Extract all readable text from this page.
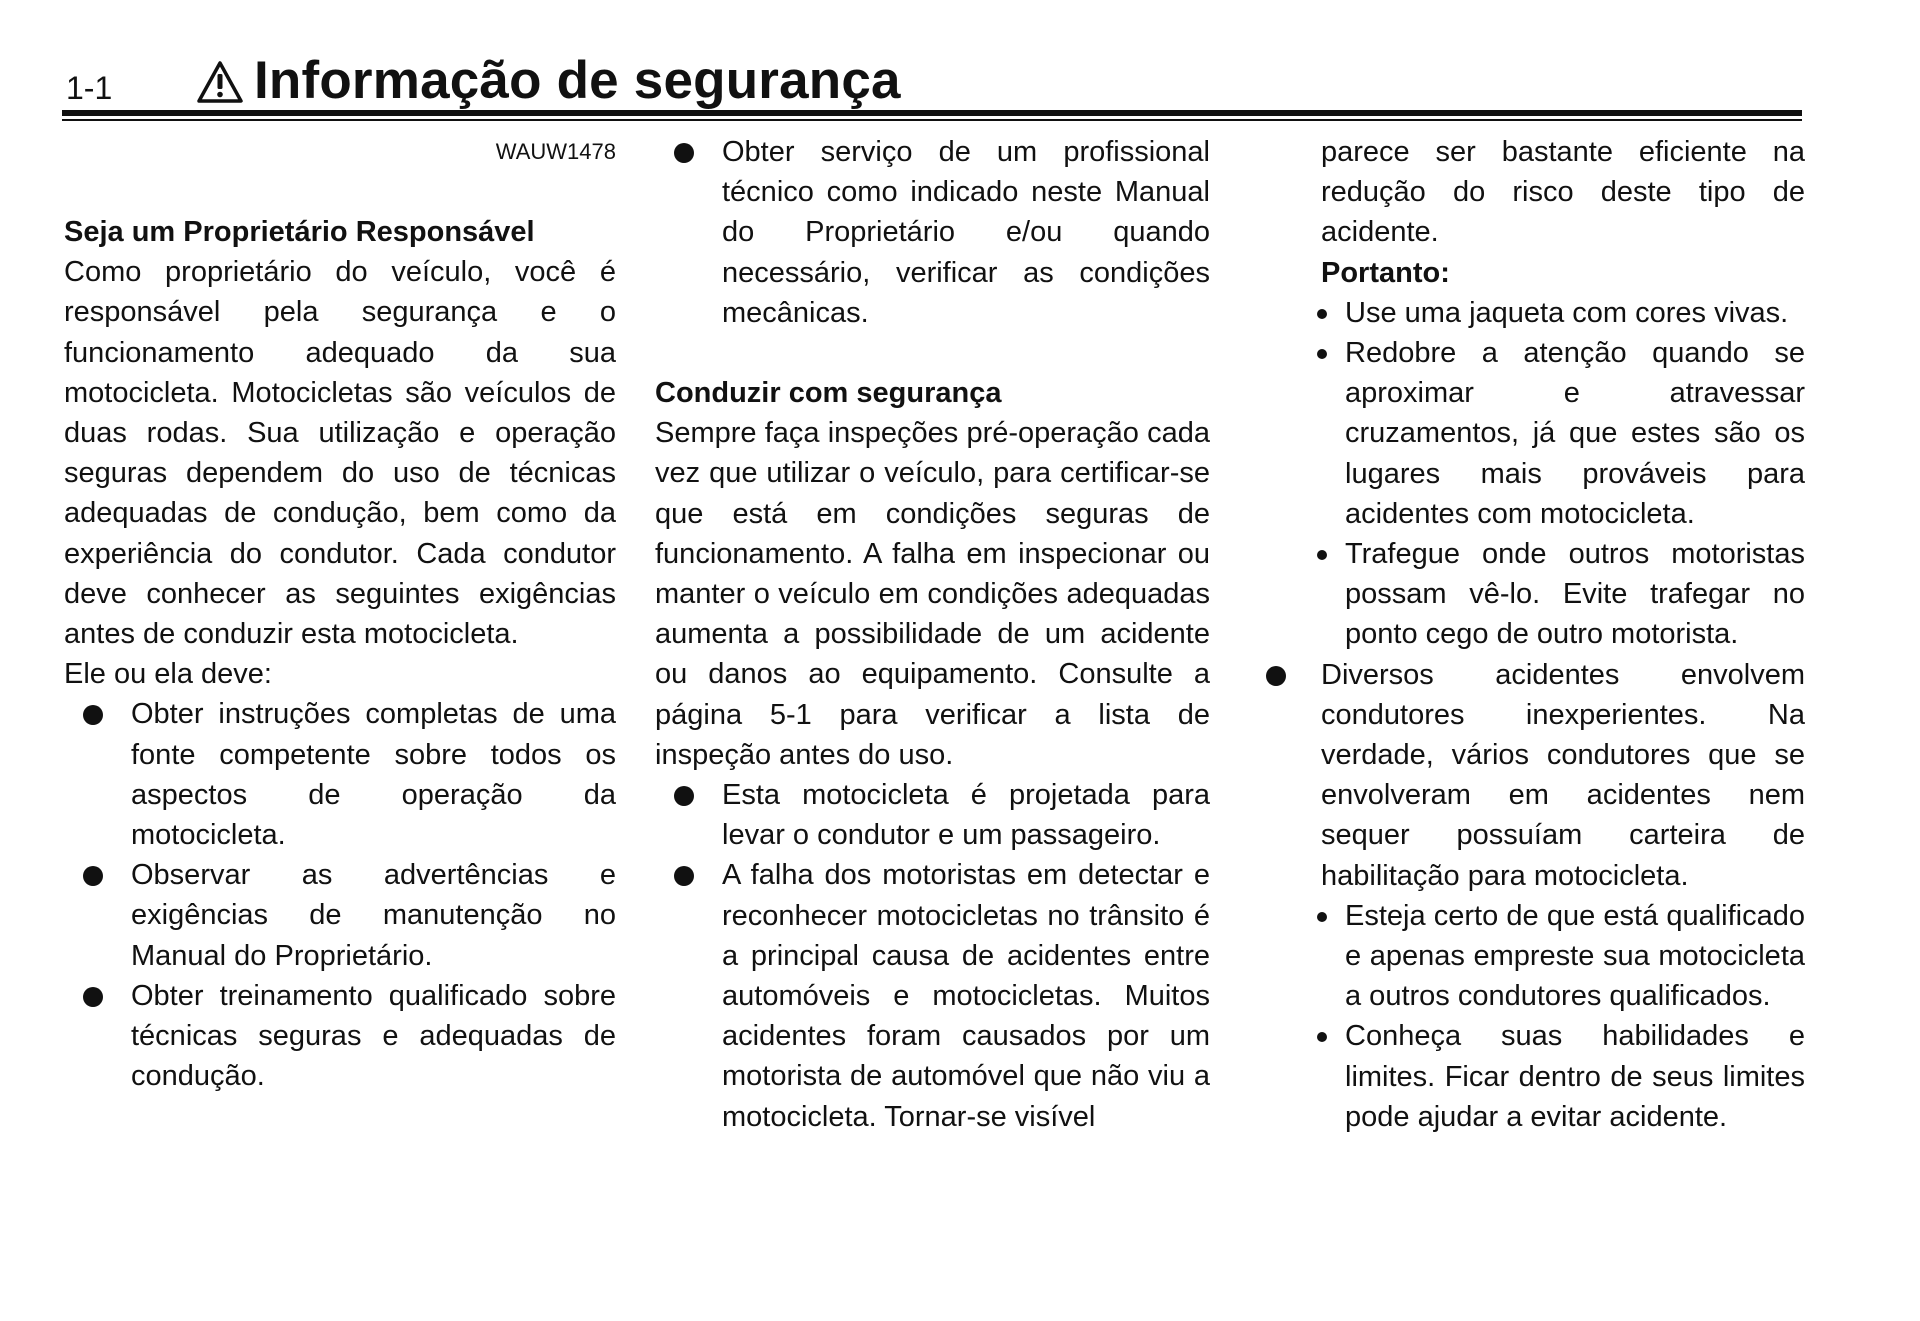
1-1	Informação de segurança
WAUW1478
Seja um Proprietário Responsável

Como proprietário do veículo, você é responsável pela segurança e o funcionamento adequado da sua motocicleta. Motocicletas são veículos de duas rodas. Sua utilização e operação seguras dependem do uso de técnicas adequadas de condução, bem como da experiência do condutor. Cada condutor deve conhecer as seguintes exigências antes de conduzir esta motocicleta.

Ele ou ela deve:

Obter instruções completas de uma fonte competente sobre todos os aspectos de operação da motocicleta.
Observar as advertências e exigências de manutenção no Manual do Proprietário.
Obter treinamento qualificado sobre técnicas seguras e adequadas de condução.
Obter serviço de um profissional técnico como indicado neste Manual do Proprietário e/ou quando necessário, verificar as condições mecânicas.
Conduzir com segurança

Sempre faça inspeções pré-operação cada vez que utilizar o veículo, para certificar-se que está em condições seguras de funcionamento. A falha em inspecionar ou manter o veículo em condições adequadas aumenta a possibilidade de um acidente ou danos ao equipamento. Consulte a página 5-1 para verificar a lista de inspeção antes do uso.

Esta motocicleta é projetada para levar o condutor e um passageiro.
A falha dos motoristas em detectar e reconhecer motocicletas no trânsito é a principal causa de acidentes entre automóveis e motocicletas. Muitos acidentes foram causados por um motorista de automóvel que não viu a motocicleta. Tornar-se visível

parece ser bastante eficiente na redução do risco deste tipo de acidente.

Portanto:
Use uma jaqueta com cores vivas.
Redobre a atenção quando se aproximar e atravessar cruzamentos, já que estes são os lugares mais prováveis para acidentes com motocicleta.
Trafegue onde outros motoristas possam vê-lo. Evite trafegar no ponto cego de outro motorista.
Diversos acidentes envolvem condutores inexperientes. Na verdade, vários condutores que se envolveram em acidentes nem sequer possuíam carteira de habilitação para motocicleta.
Esteja certo de que está qualificado e apenas empreste sua motocicleta a outros condutores qualificados.
Conheça suas habilidades e limites. Ficar dentro de seus limites pode ajudar a evitar acidente.
